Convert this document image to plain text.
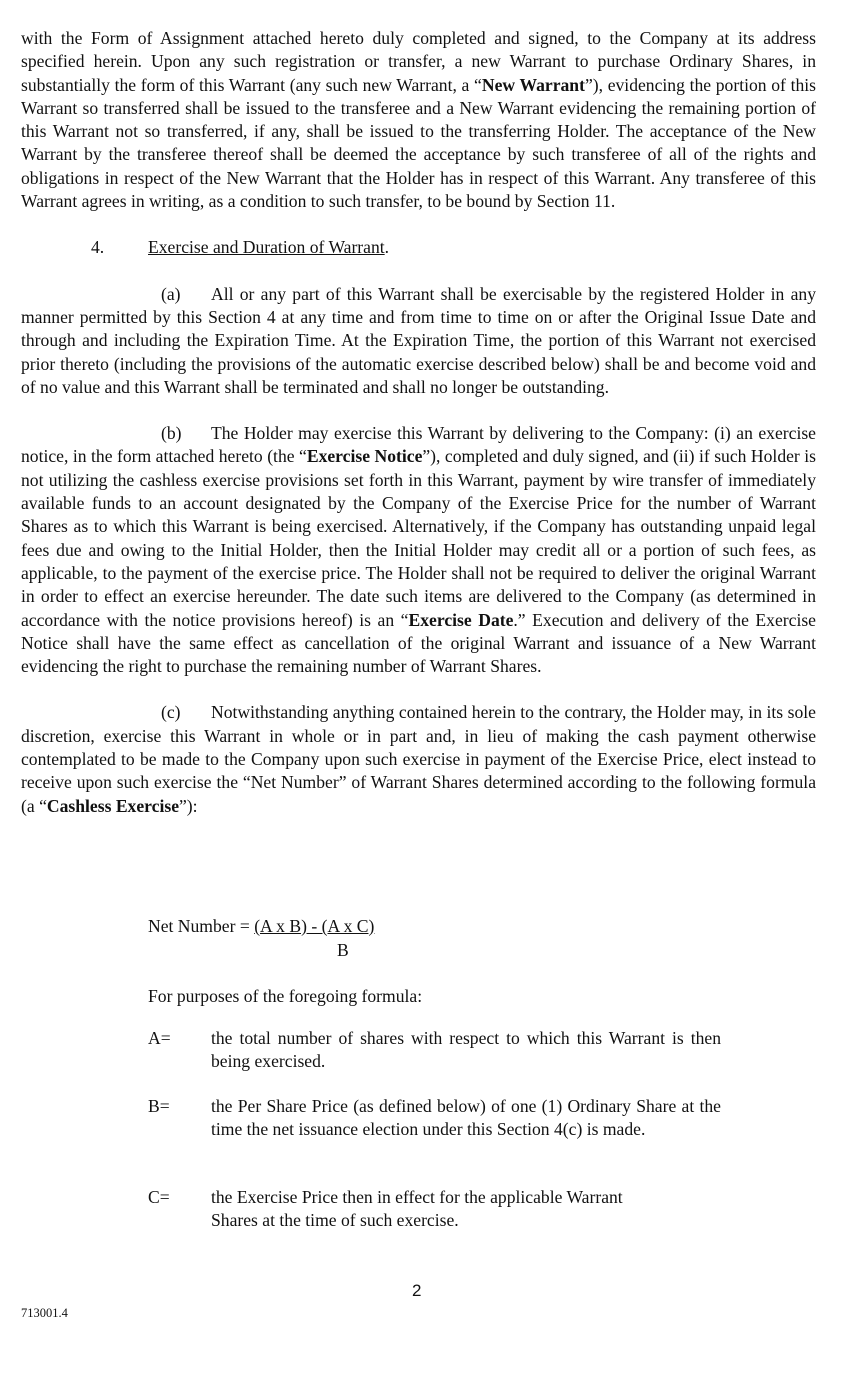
with the Form of Assignment attached hereto duly completed and signed, to the Company at its address specified herein. Upon any such registration or transfer, a new Warrant to purchase Ordinary Shares, in substantially the form of this Warrant (any such new Warrant, a “New Warrant”), evidencing the portion of this Warrant so transferred shall be issued to the transferee and a New Warrant evidencing the remaining portion of this Warrant not so transferred, if any, shall be issued to the transferring Holder. The acceptance of the New Warrant by the transferee thereof shall be deemed the acceptance by such transferee of all of the rights and obligations in respect of the New Warrant that the Holder has in respect of this Warrant. Any transferee of this Warrant agrees in writing, as a condition to such transfer, to be bound by Section 11.

4. Exercise and Duration of Warrant.

(a) All or any part of this Warrant shall be exercisable by the registered Holder in any manner permitted by this Section 4 at any time and from time to time on or after the Original Issue Date and through and including the Expiration Time. At the Expiration Time, the portion of this Warrant not exercised prior thereto (including the provisions of the automatic exercise described below) shall be and become void and of no value and this Warrant shall be terminated and shall no longer be outstanding.

(b) The Holder may exercise this Warrant by delivering to the Company: (i) an exercise notice, in the form attached hereto (the “Exercise Notice”), completed and duly signed, and (ii) if such Holder is not utilizing the cashless exercise provisions set forth in this Warrant, payment by wire transfer of immediately available funds to an account designated by the Company of the Exercise Price for the number of Warrant Shares as to which this Warrant is being exercised. Alternatively, if the Company has outstanding unpaid legal fees due and owing to the Initial Holder, then the Initial Holder may credit all or a portion of such fees, as applicable, to the payment of the exercise price. The Holder shall not be required to deliver the original Warrant in order to effect an exercise hereunder. The date such items are delivered to the Company (as determined in accordance with the notice provisions hereof) is an “Exercise Date.” Execution and delivery of the Exercise Notice shall have the same effect as cancellation of the original Warrant and issuance of a New Warrant evidencing the right to purchase the remaining number of Warrant Shares.

(c) Notwithstanding anything contained herein to the contrary, the Holder may, in its sole discretion, exercise this Warrant in whole or in part and, in lieu of making the cash payment otherwise contemplated to be made to the Company upon such exercise in payment of the Exercise Price, elect instead to receive upon such exercise the “Net Number” of Warrant Shares determined according to the following formula (a “Cashless Exercise”):

Net Number = (A x B) - (A x C)
B
For purposes of the foregoing formula:
A= the total number of shares with respect to which this Warrant is then being exercised.
B= the Per Share Price (as defined below) of one (1) Ordinary Share at the time the net issuance election under this Section 4(c) is made.
C= the Exercise Price then in effect for the applicable Warrant Shares at the time of such exercise.
2
713001.4
